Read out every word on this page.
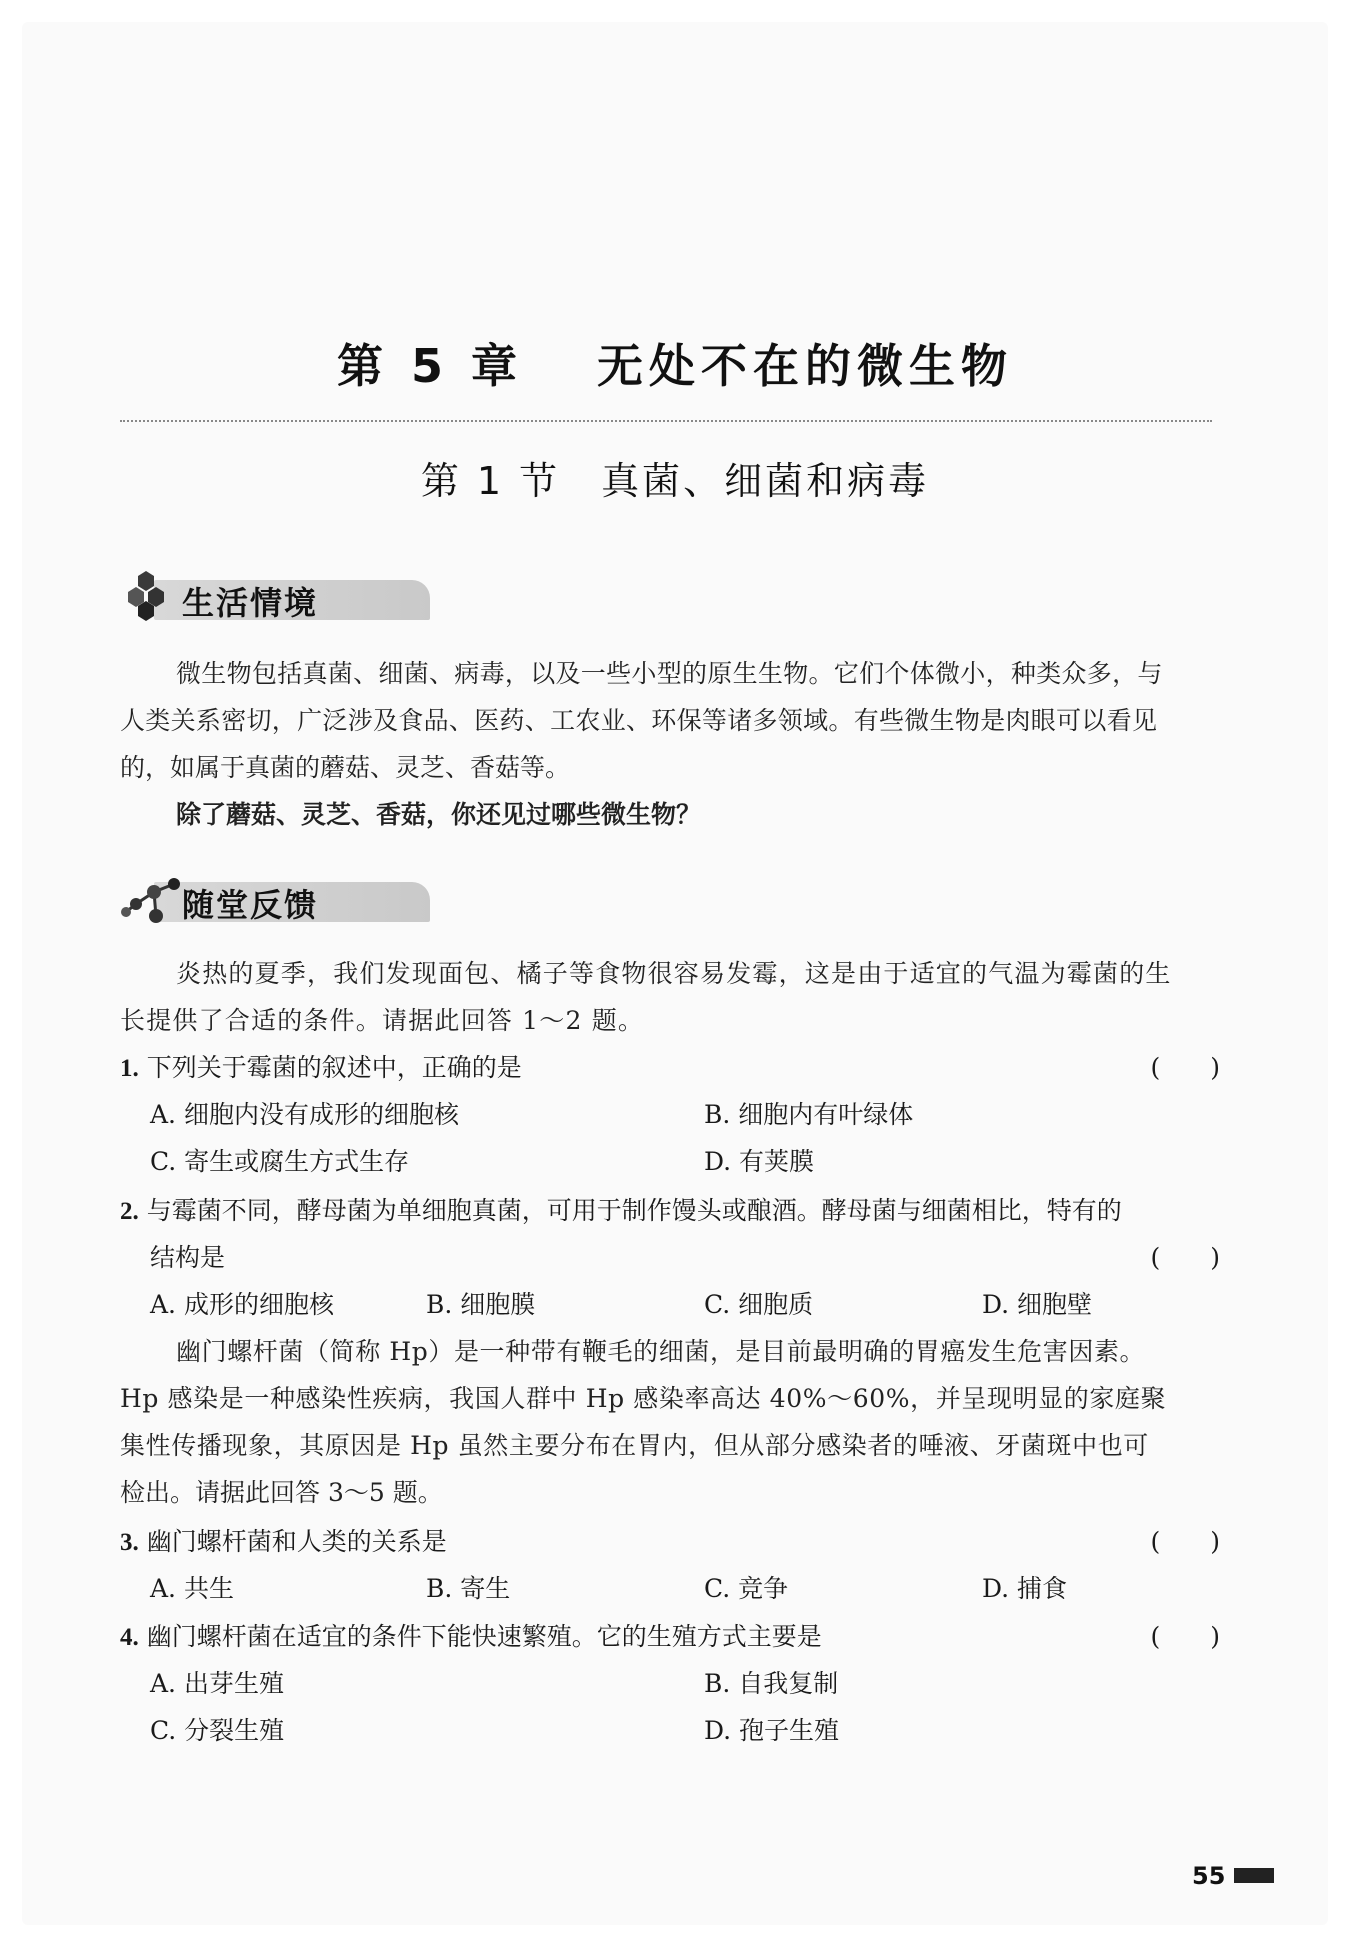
第 5 章　 无处不在的微生物
第 1 节　真菌、细菌和病毒
生活情境
微生物包括真菌、细菌、病毒，以及一些小型的原生生物。它们个体微小，种类众多，与
人类关系密切，广泛涉及食品、医药、工农业、环保等诸多领域。有些微生物是肉眼可以看见
的，如属于真菌的蘑菇、灵芝、香菇等。
除了蘑菇、灵芝、香菇，你还见过哪些微生物？
随堂反馈
炎热的夏季，我们发现面包、橘子等食物很容易发霉，这是由于适宜的气温为霉菌的生
长提供了合适的条件。请据此回答 1～2 题。
1. 下列关于霉菌的叙述中，正确的是	(　　)
A. 细胞内没有成形的细胞核	B. 细胞内有叶绿体
C. 寄生或腐生方式生存	D. 有荚膜
2. 与霉菌不同，酵母菌为单细胞真菌，可用于制作馒头或酿酒。酵母菌与细菌相比，特有的
结构是	(　　)
A. 成形的细胞核	B. 细胞膜	C. 细胞质	D. 细胞壁
幽门螺杆菌（简称 Hp）是一种带有鞭毛的细菌，是目前最明确的胃癌发生危害因素。
Hp 感染是一种感染性疾病，我国人群中 Hp 感染率高达 40%～60%，并呈现明显的家庭聚
集性传播现象，其原因是 Hp 虽然主要分布在胃内，但从部分感染者的唾液、牙菌斑中也可
检出。请据此回答 3～5 题。
3. 幽门螺杆菌和人类的关系是	(　　)
A. 共生	B. 寄生	C. 竞争	D. 捕食
4. 幽门螺杆菌在适宜的条件下能快速繁殖。它的生殖方式主要是	(　　)
A. 出芽生殖	B. 自我复制
C. 分裂生殖	D. 孢子生殖
55
